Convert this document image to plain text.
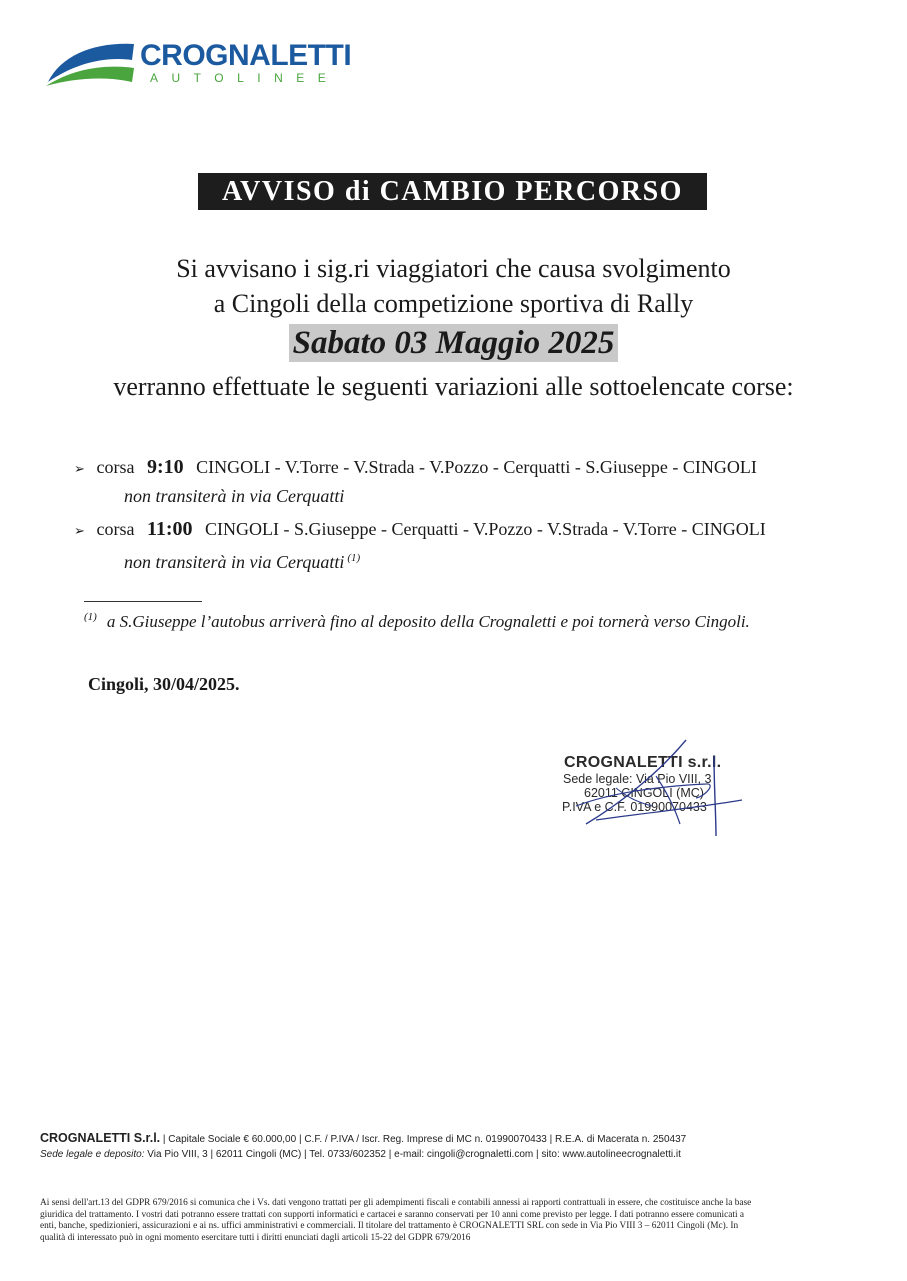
CROGNALETTI
AUTOLINEE
AVVISO di CAMBIO PERCORSO
Si avvisano i sig.ri viaggiatori che causa svolgimento
a Cingoli della competizione sportiva di Rally
Sabato 03 Maggio 2025
verranno effettuate le seguenti variazioni alle sottoelencate corse:
➢ corsa 9:10 CINGOLI - V.Torre - V.Strada - V.Pozzo - Cerquatti - S.Giuseppe - CINGOLI
non transiterà in via Cerquatti
➢ corsa 11:00 CINGOLI - S.Giuseppe - Cerquatti - V.Pozzo - V.Strada - V.Torre - CINGOLI
non transiterà in via Cerquatti $^{(1)}$
$^{(1)}$ a S.Giuseppe l’autobus arriverà fino al deposito della Crognaletti e poi tornerà verso Cingoli.
Cingoli, 30/04/2025.
CROGNALETTI s.r.l.
Sede legale: Via Pio VIII, 3
62011 CINGOLI (MC)
P.IVA e C.F. 01990070433
CROGNALETTI S.r.l. | Capitale Sociale € 60.000,00 | C.F. / P.IVA / Iscr. Reg. Imprese di MC n. 01990070433 | R.E.A. di Macerata n. 250437
Sede legale e deposito: Via Pio VIII, 3 | 62011 Cingoli (MC) | Tel. 0733/602352 | e-mail: cingoli@crognaletti.com | sito: www.autolineecrognaletti.it
Ai sensi dell'art.13 del GDPR 679/2016 si comunica che i Vs. dati vengono trattati per gli adempimenti fiscali e contabili annessi ai rapporti contrattuali in essere, che costituisce anche la base
giuridica del trattamento. I vostri dati potranno essere trattati con supporti informatici e cartacei e saranno conservati per 10 anni come previsto per legge. I dati potranno essere comunicati a
enti, banche, spedizionieri, assicurazioni e ai ns. uffici amministrativi e commerciali. Il titolare del trattamento è CROGNALETTI SRL con sede in Via Pio VIII 3 – 62011 Cingoli (Mc). In
qualità di interessato può in ogni momento esercitare tutti i diritti enunciati dagli articoli 15-22 del GDPR 679/2016
